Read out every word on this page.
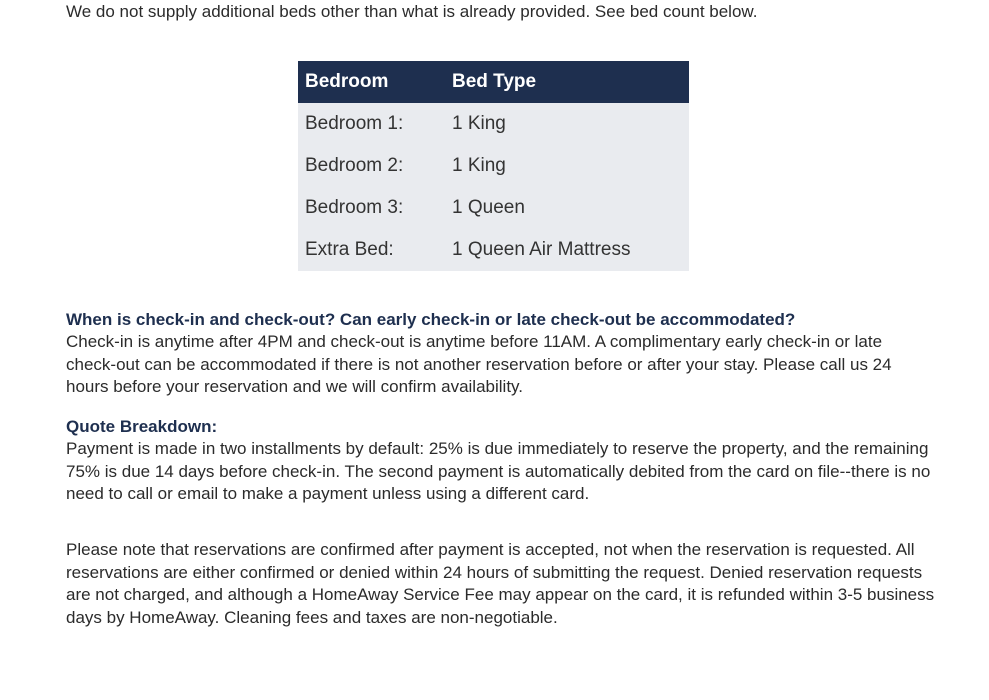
We do not supply additional beds other than what is already provided. See bed count below.

Bedroom	Bed Type
Bedroom 1:	1 King
Bedroom 2:	1 King
Bedroom 3:	1 Queen
Extra Bed:	1 Queen Air Mattress
When is check-in and check-out? Can early check-in or late check-out be accommodated?

Check-in is anytime after 4PM and check-out is anytime before 11AM. A complimentary early check-in or late check-out can be accommodated if there is not another reservation before or after your stay. Please call us 24 hours before your reservation and we will confirm availability.

Quote Breakdown:

Payment is made in two installments by default: 25% is due immediately to reserve the property, and the remaining 75% is due 14 days before check-in. The second payment is automatically debited from the card on file--there is no need to call or email to make a payment unless using a different card.

Please note that reservations are confirmed after payment is accepted, not when the reservation is requested. All reservations are either confirmed or denied within 24 hours of submitting the request. Denied reservation requests are not charged, and although a HomeAway Service Fee may appear on the card, it is refunded within 3-5 business days by HomeAway. Cleaning fees and taxes are non-negotiable.
